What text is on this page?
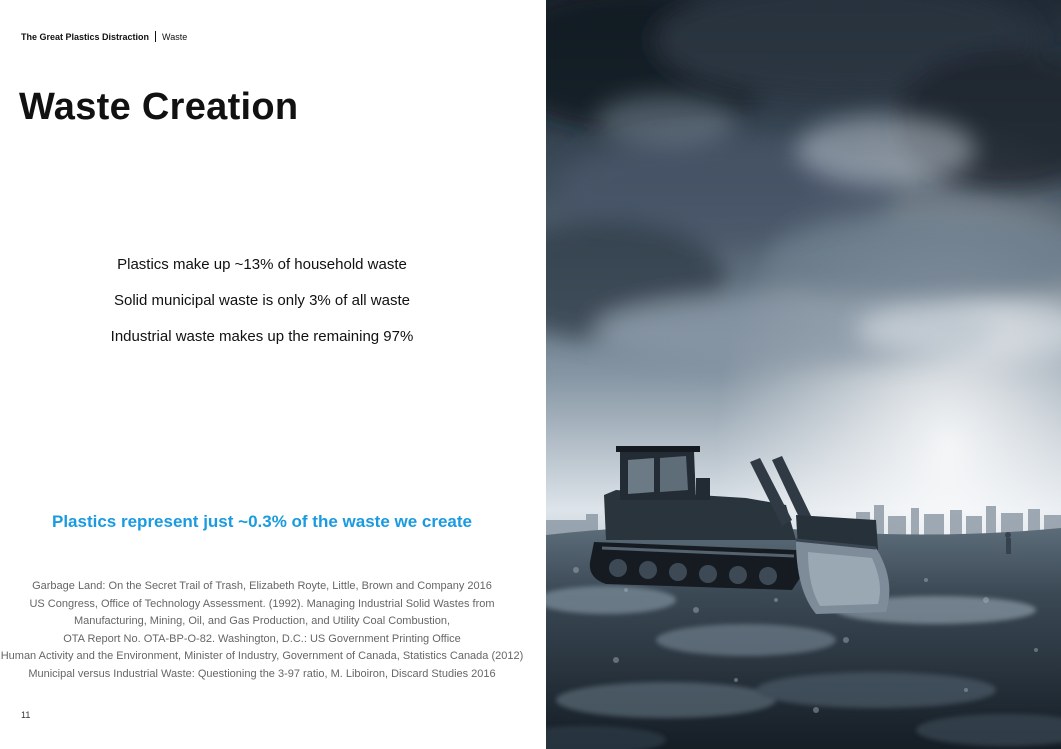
The Great Plastics Distraction Waste
Waste Creation
Plastics make up ~13% of household waste
Solid municipal waste is only 3% of all waste
Industrial waste makes up the remaining 97%
Plastics represent just ~0.3% of the waste we create
Garbage Land: On the Secret Trail of Trash, Elizabeth Royte, Little, Brown and Company 2016
US Congress, Office of Technology Assessment. (1992). Managing Industrial Solid Wastes from
Manufacturing, Mining, Oil, and Gas Production, and Utility Coal Combustion,
OTA Report No. OTA-BP-O-82. Washington, D.C.: US Government Printing Office
Human Activity and the Environment, Minister of Industry, Government of Canada, Statistics Canada (2012)
Municipal versus Industrial Waste: Questioning the 3-97 ratio, M. Liboiron, Discard Studies 2016
11
